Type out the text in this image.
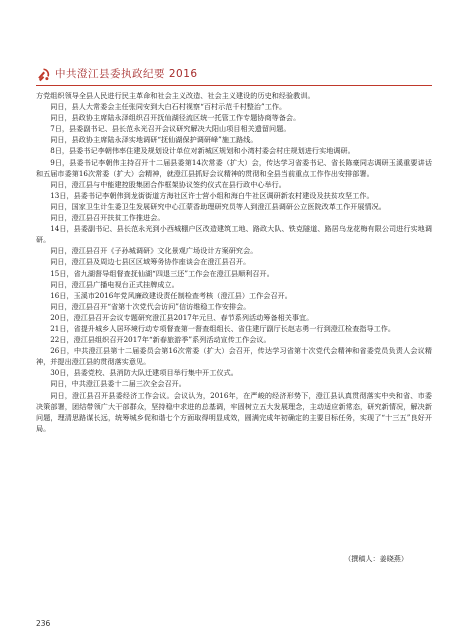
中共澄江县委执政纪要 2016

方党组织领导全县人民进行民主革命和社会主义改造、社会主义建设的历史和经验教训。

同日，县人大常委会主任张同安到大白石村视察“百村示范千村整治”工作。

同日，县政协主席陆永泽组织召开抚仙湖径流区统一托管工作专题协商等备会。

7日，县委副书记、县长范永光召开会议研究解决大阳山项目相关遗留问题。

同日，县政协主席陆永泽实地调研“抚仙湖保护调研峰”施工路线。

8日，县委书记李朝伟率住建及规划设计单位对新城区规划和小湾村委会村庄规划进行实地调研。

9日，县委书记李朝伟主持召开十二届县委第14次常委（扩大）会，传达学习省委书记、省长陈豪同志调研玉溪重要讲话和五届市委第16次常委（扩大）会精神，就澄江县抓好会议精神的贯彻和全县当前重点工作作出安排部署。

同日，澄江县与中能建控股集团合作框架协议签约仪式在县行政中心举行。

13日，县委书记李朝伟到龙街街道方海社区许士营小组和海白牛社区调研新农村建设及扶贫攻坚工作。

同日，国家卫生计生委卫生发展研究中心江蒙香助理研究员等人到澄江县调研公立医院改革工作开展情况。

同日，澄江县召开扶贫工作推进会。

14日，县委副书记、县长范永光到小西城棚户区改造建筑工地、路政大队、铁克隧道、路居乌龙花梅有限公司进行实地调研。

同日，澄江县召开《子孙城调研》文化景观广场设计方案研究会。

同日，澄江县及周边七县区区域筹务协作座谈会在澄江县召开。

15日，省九湖督导组督查抚仙湖“四退三还”工作会在澄江县顺利召开。

同日，澄江县广播电视台正式挂牌成立。

16日，玉溪市2016年党风廉政建设责任制检查考核（澄江县）工作会召开。

同日，澄江县召开“省第十次党代会访问”信访维稳工作安排会。

20日，澄江县召开会议专题研究澄江县2017年元旦、春节系列活动筹备相关事宜。

21日，省提升城乡人居环境行动专项督查第一督查组组长、省住建厅副厅长赵志勇一行到澄江检查指导工作。

22日，澄江县组织召开2017年“新春旅游季”系列活动宣传工作会议。

26日，中共澄江县第十二届委员会第16次常委（扩大）会召开，传达学习省第十次党代会精神和省委党员负责人会议精神，并提出澄江县的贯彻落实意见。

30日，县委党校、县消防大队迁建项目举行集中开工仪式。

同日，中共澄江县委十二届三次全会召开。

同日，澄江县召开县委经济工作会议。会议认为，2016年，在严峻的经济形势下，澄江县认真贯彻落实中央和省、市委决策部署，团结带领广大干部群众，坚持稳中求进的总基调，牢固树立五大发展理念，主动适应新常态，研究新情况，解决新问题，理清思路谋长远，统筹城乡促和谐七个方面取得明显成效，圆满完成年初确定的主要目标任务，实现了“十三五”良好开局。

（撰稿人：姜晓燕）
236
